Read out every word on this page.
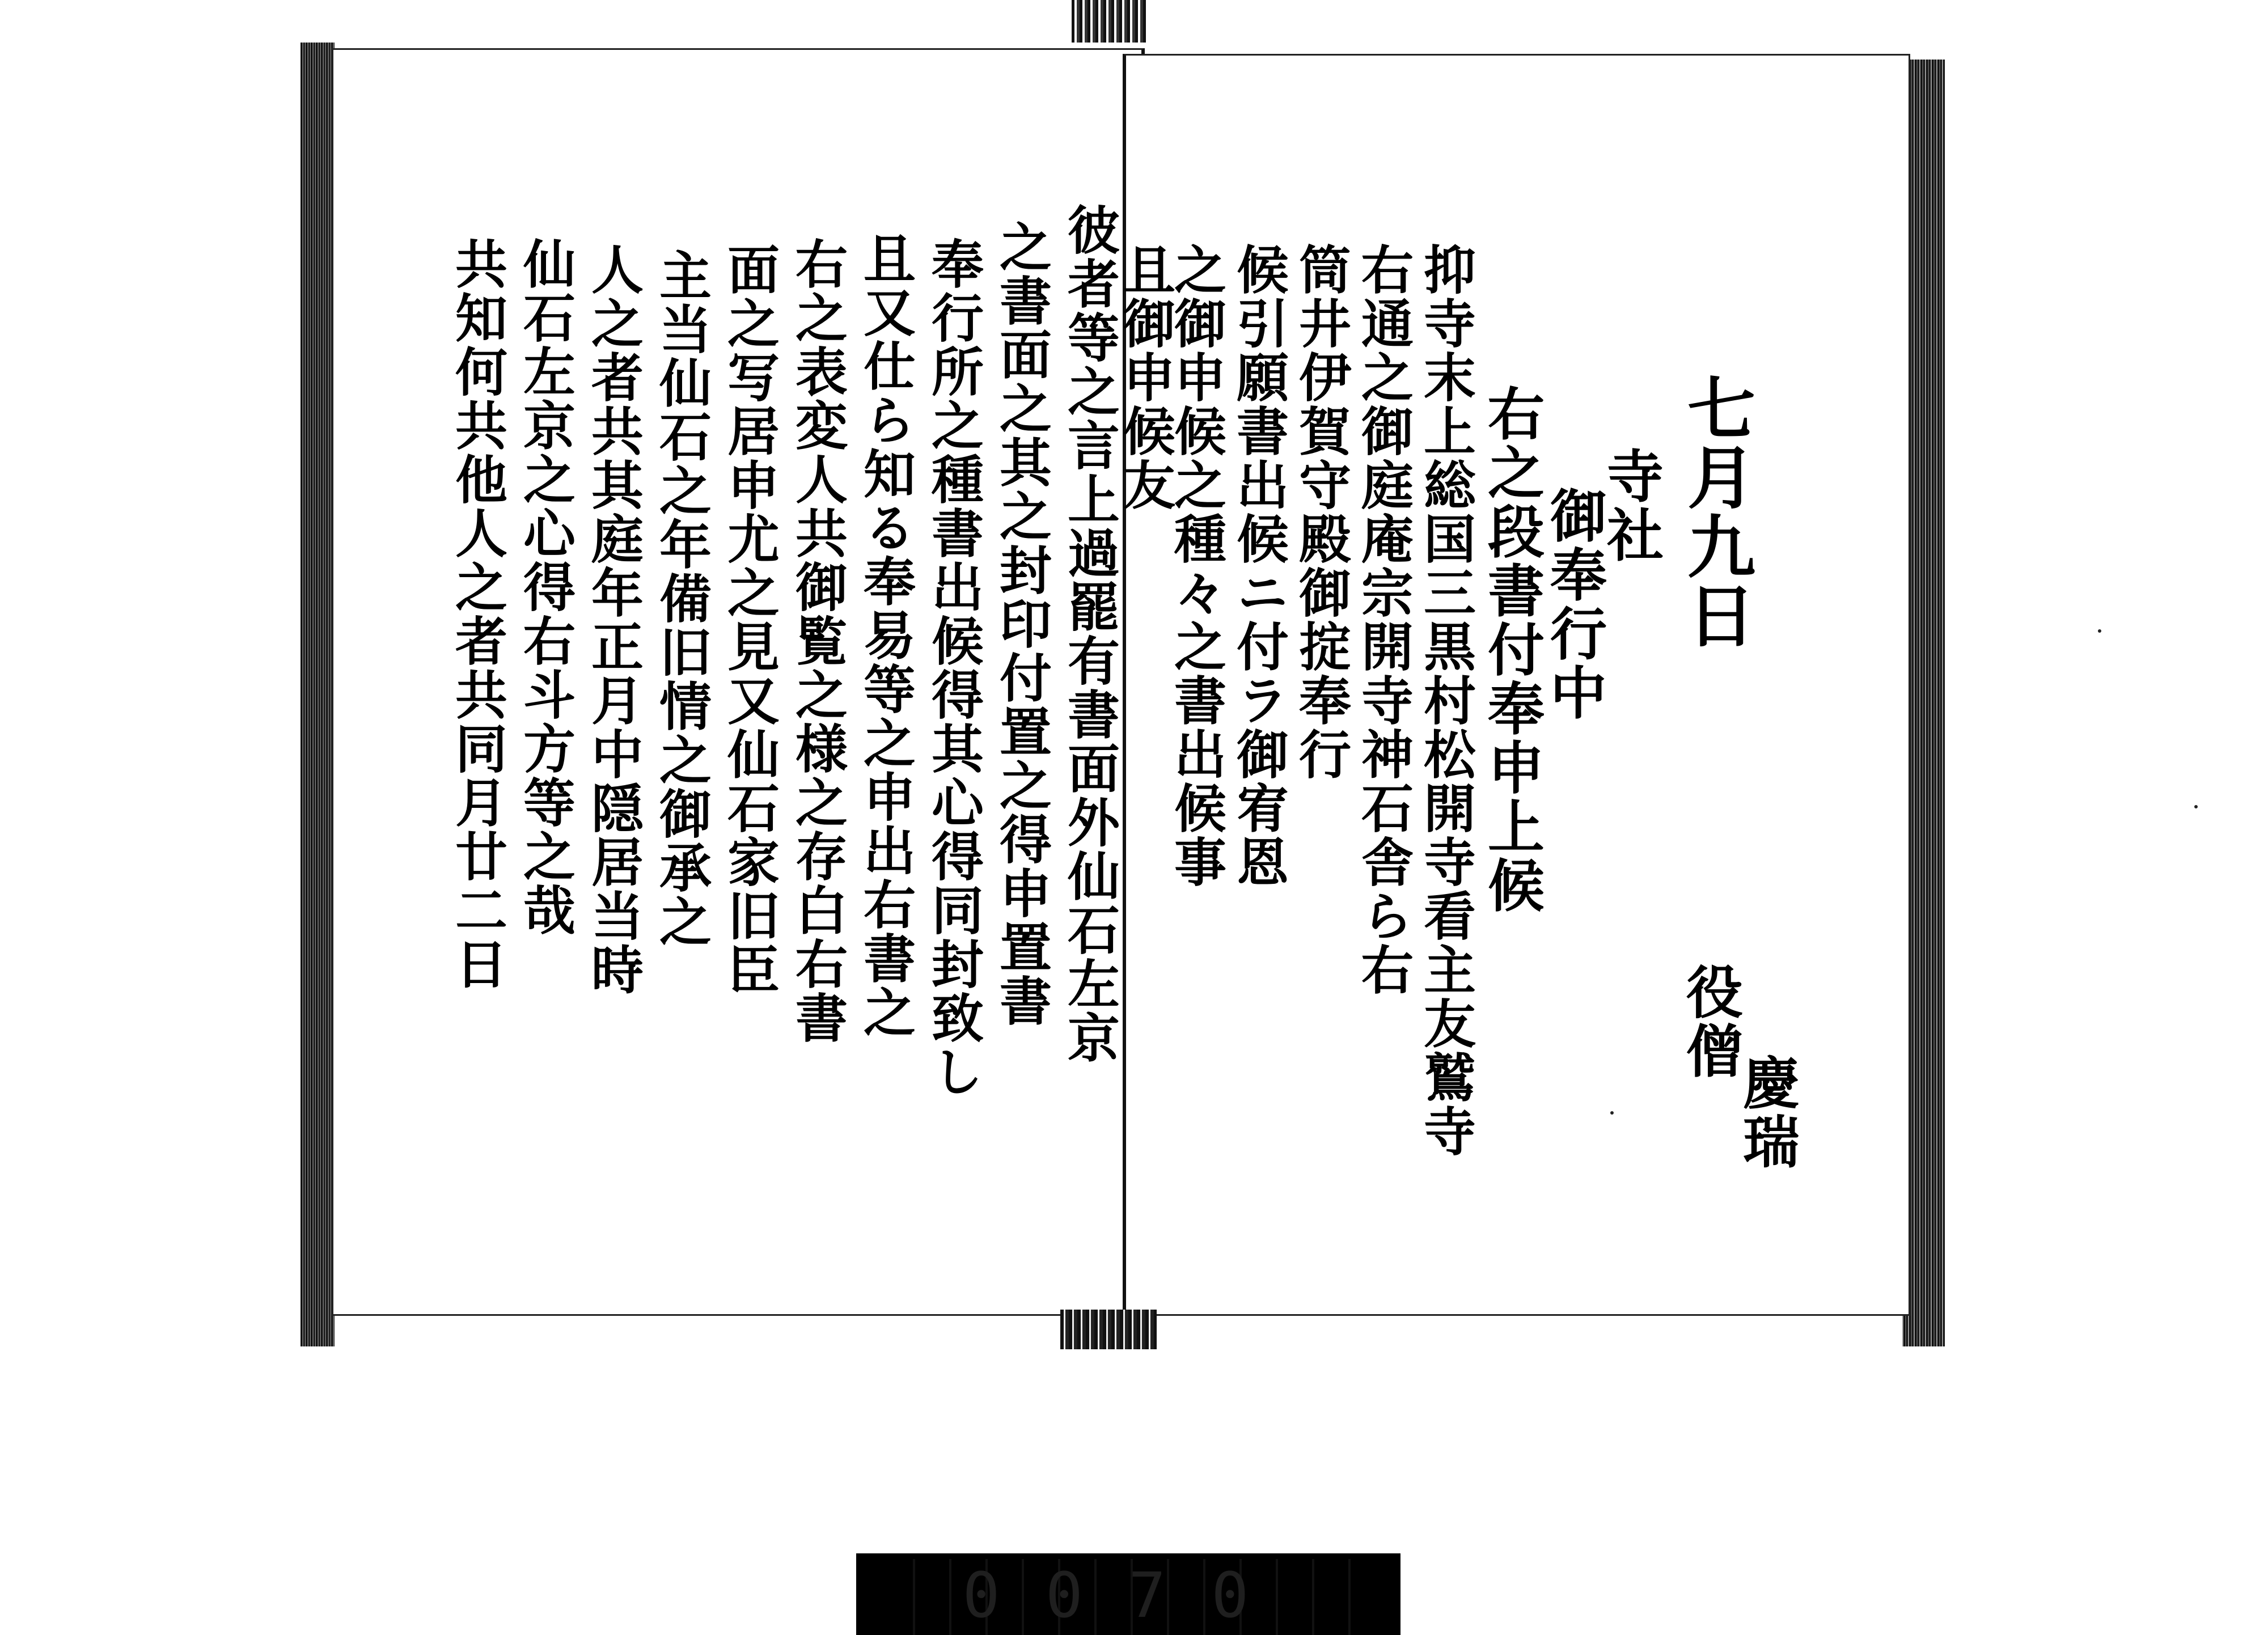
彼者等之言上過罷有書面外仙石左京
之書面之其之封印付置之得申置書
奉行所之種書出候得其心得同封致し
且又仕ら知る奉易等之申出右書之
右之表変人共御覧之様之存白右書
面之写居申尤之見又仙石家旧臣
主当仙石之年備旧情之御承之
人之者共其庭年正月中隠居当時
仙石左京之心得右斗方等之哉
共知何共他人之者共同月廿二日	七月九日
寺社
御奉行中
役僧
慶瑞
右之段書付奉申上候
抑寺末上総国三黒村松開寺看主友鷲寺
右通之御庭庵宗開寺神石舎ら右
筒井伊賀守殿御掟奉行
候引願書出候ニ付ラ御宥恩
之御申候之種々之書出候事
且御申候友
0070
